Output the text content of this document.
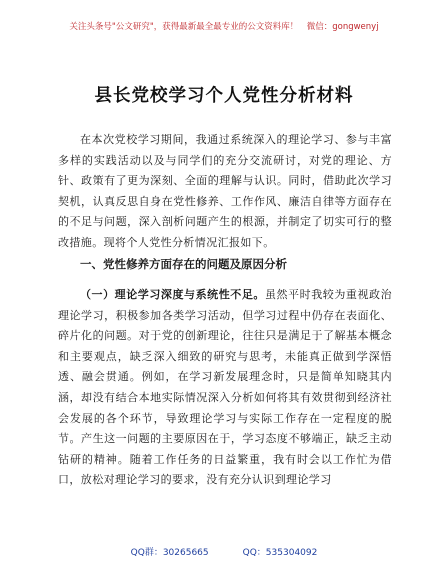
关注头条号"公文研究"，获得最新最全最专业的公文资料库！　微信：gongwenyj
县长党校学习个人党性分析材料

在本次党校学习期间，我通过系统深入的理论学习、参与丰富多样的实践活动以及与同学们的充分交流研讨，对党的理论、方针、政策有了更为深刻、全面的理解与认识。同时，借助此次学习契机，认真反思自身在党性修养、工作作风、廉洁自律等方面存在的不足与问题，深入剖析问题产生的根源，并制定了切实可行的整改措施。现将个人党性分析情况汇报如下。

一、党性修养方面存在的问题及原因分析

（一）理论学习深度与系统性不足。虽然平时我较为重视政治理论学习，积极参加各类学习活动，但学习过程中仍存在表面化、碎片化的问题。对于党的创新理论，往往只是满足于了解基本概念和主要观点，缺乏深入细致的研究与思考，未能真正做到学深悟透、融会贯通。例如，在学习新发展理念时，只是简单知晓其内涵，却没有结合本地实际情况深入分析如何将其有效贯彻到经济社会发展的各个环节，导致理论学习与实际工作存在一定程度的脱节。产生这一问题的主要原因在于，学习态度不够端正，缺乏主动钻研的精神。随着工作任务的日益繁重，我有时会以工作忙为借口，放松对理论学习的要求，没有充分认识到理论学习

QQ群：30265665	QQ：535304092
